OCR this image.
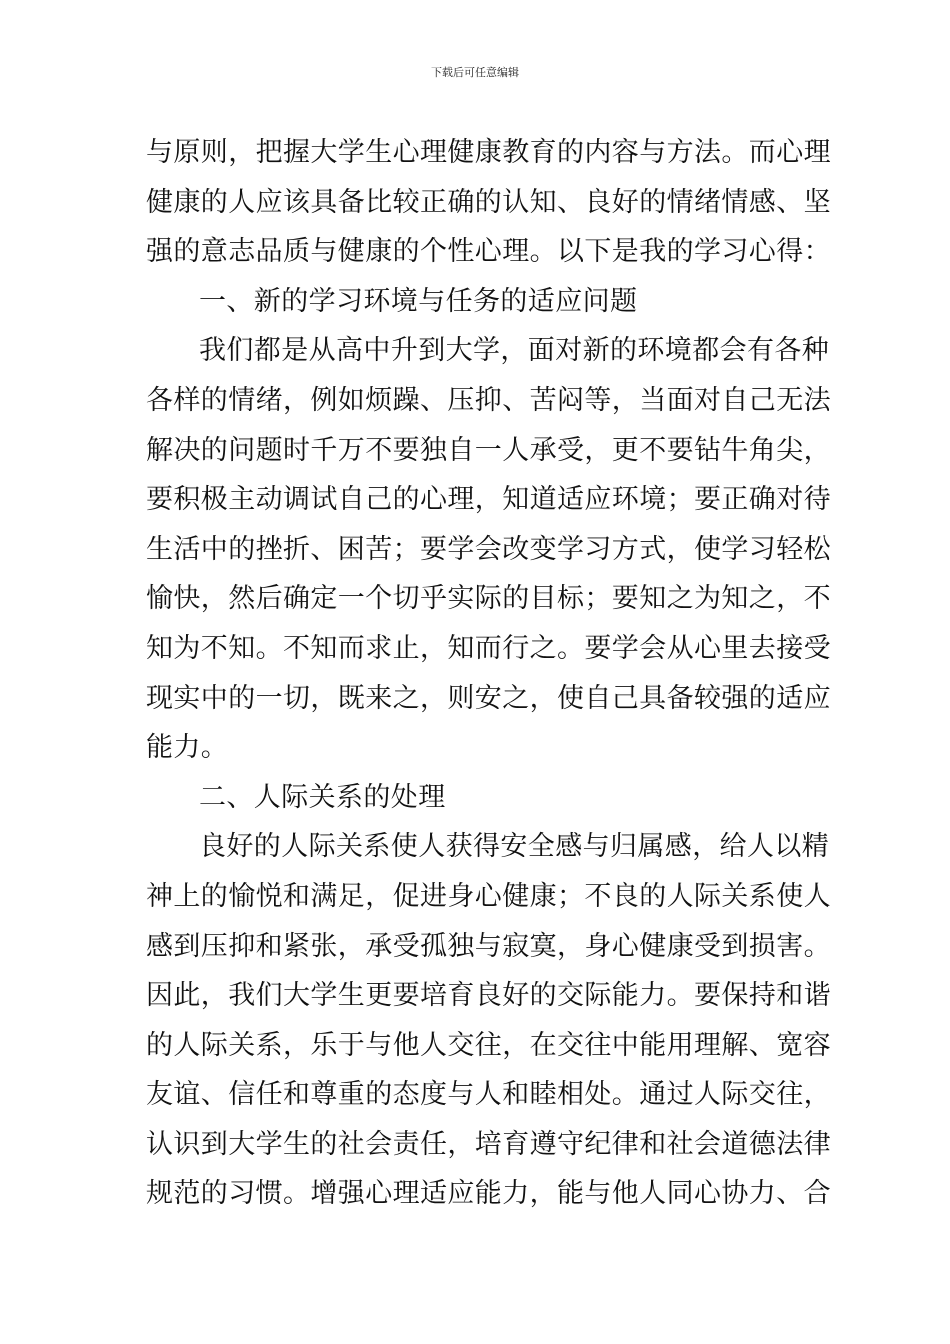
下载后可任意编辑
与原则，把握大学生心理健康教育的内容与方法。而心理
健康的人应该具备比较正确的认知、良好的情绪情感、坚
强的意志品质与健康的个性心理。以下是我的学习心得：
一、新的学习环境与任务的适应问题
我们都是从高中升到大学，面对新的环境都会有各种
各样的情绪，例如烦躁、压抑、苦闷等，当面对自己无法
解决的问题时千万不要独自一人承受，更不要钻牛角尖，
要积极主动调试自己的心理，知道适应环境；要正确对待
生活中的挫折、困苦；要学会改变学习方式，使学习轻松
愉快，然后确定一个切乎实际的目标；要知之为知之，不
知为不知。不知而求止，知而行之。要学会从心里去接受
现实中的一切，既来之，则安之，使自己具备较强的适应
能力。
二、人际关系的处理
良好的人际关系使人获得安全感与归属感，给人以精
神上的愉悦和满足，促进身心健康；不良的人际关系使人
感到压抑和紧张，承受孤独与寂寞，身心健康受到损害。
因此，我们大学生更要培育良好的交际能力。要保持和谐
的人际关系，乐于与他人交往，在交往中能用理解、宽容
友谊、信任和尊重的态度与人和睦相处。通过人际交往，
认识到大学生的社会责任，培育遵守纪律和社会道德法律
规范的习惯。增强心理适应能力，能与他人同心协力、合
